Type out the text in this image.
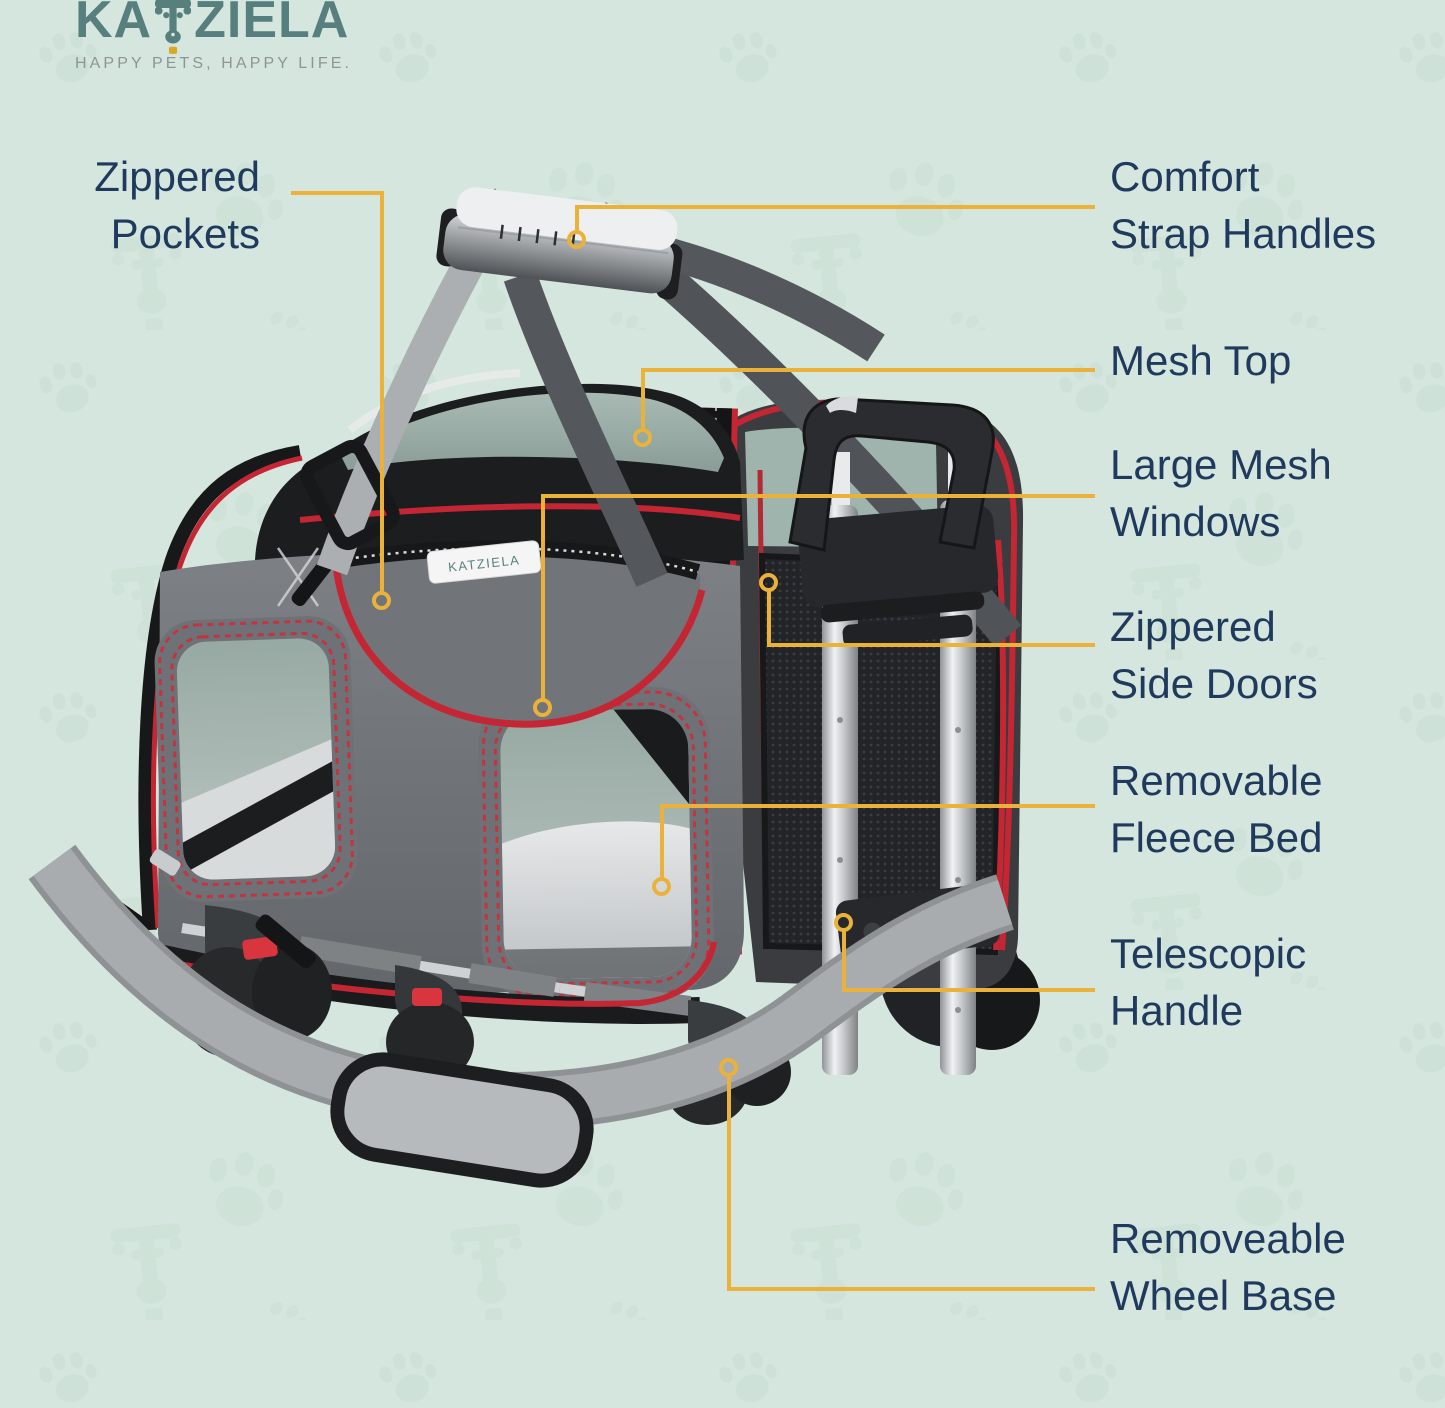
KATZIELA
KA ZIELA
HAPPY PETS, HAPPY LIFE.
Zippered
Pockets
Comfort
Strap Handles
Mesh Top
Large Mesh
Windows
Zippered
Side Doors
Removable
Fleece Bed
Telescopic
Handle
Removeable
Wheel Base
